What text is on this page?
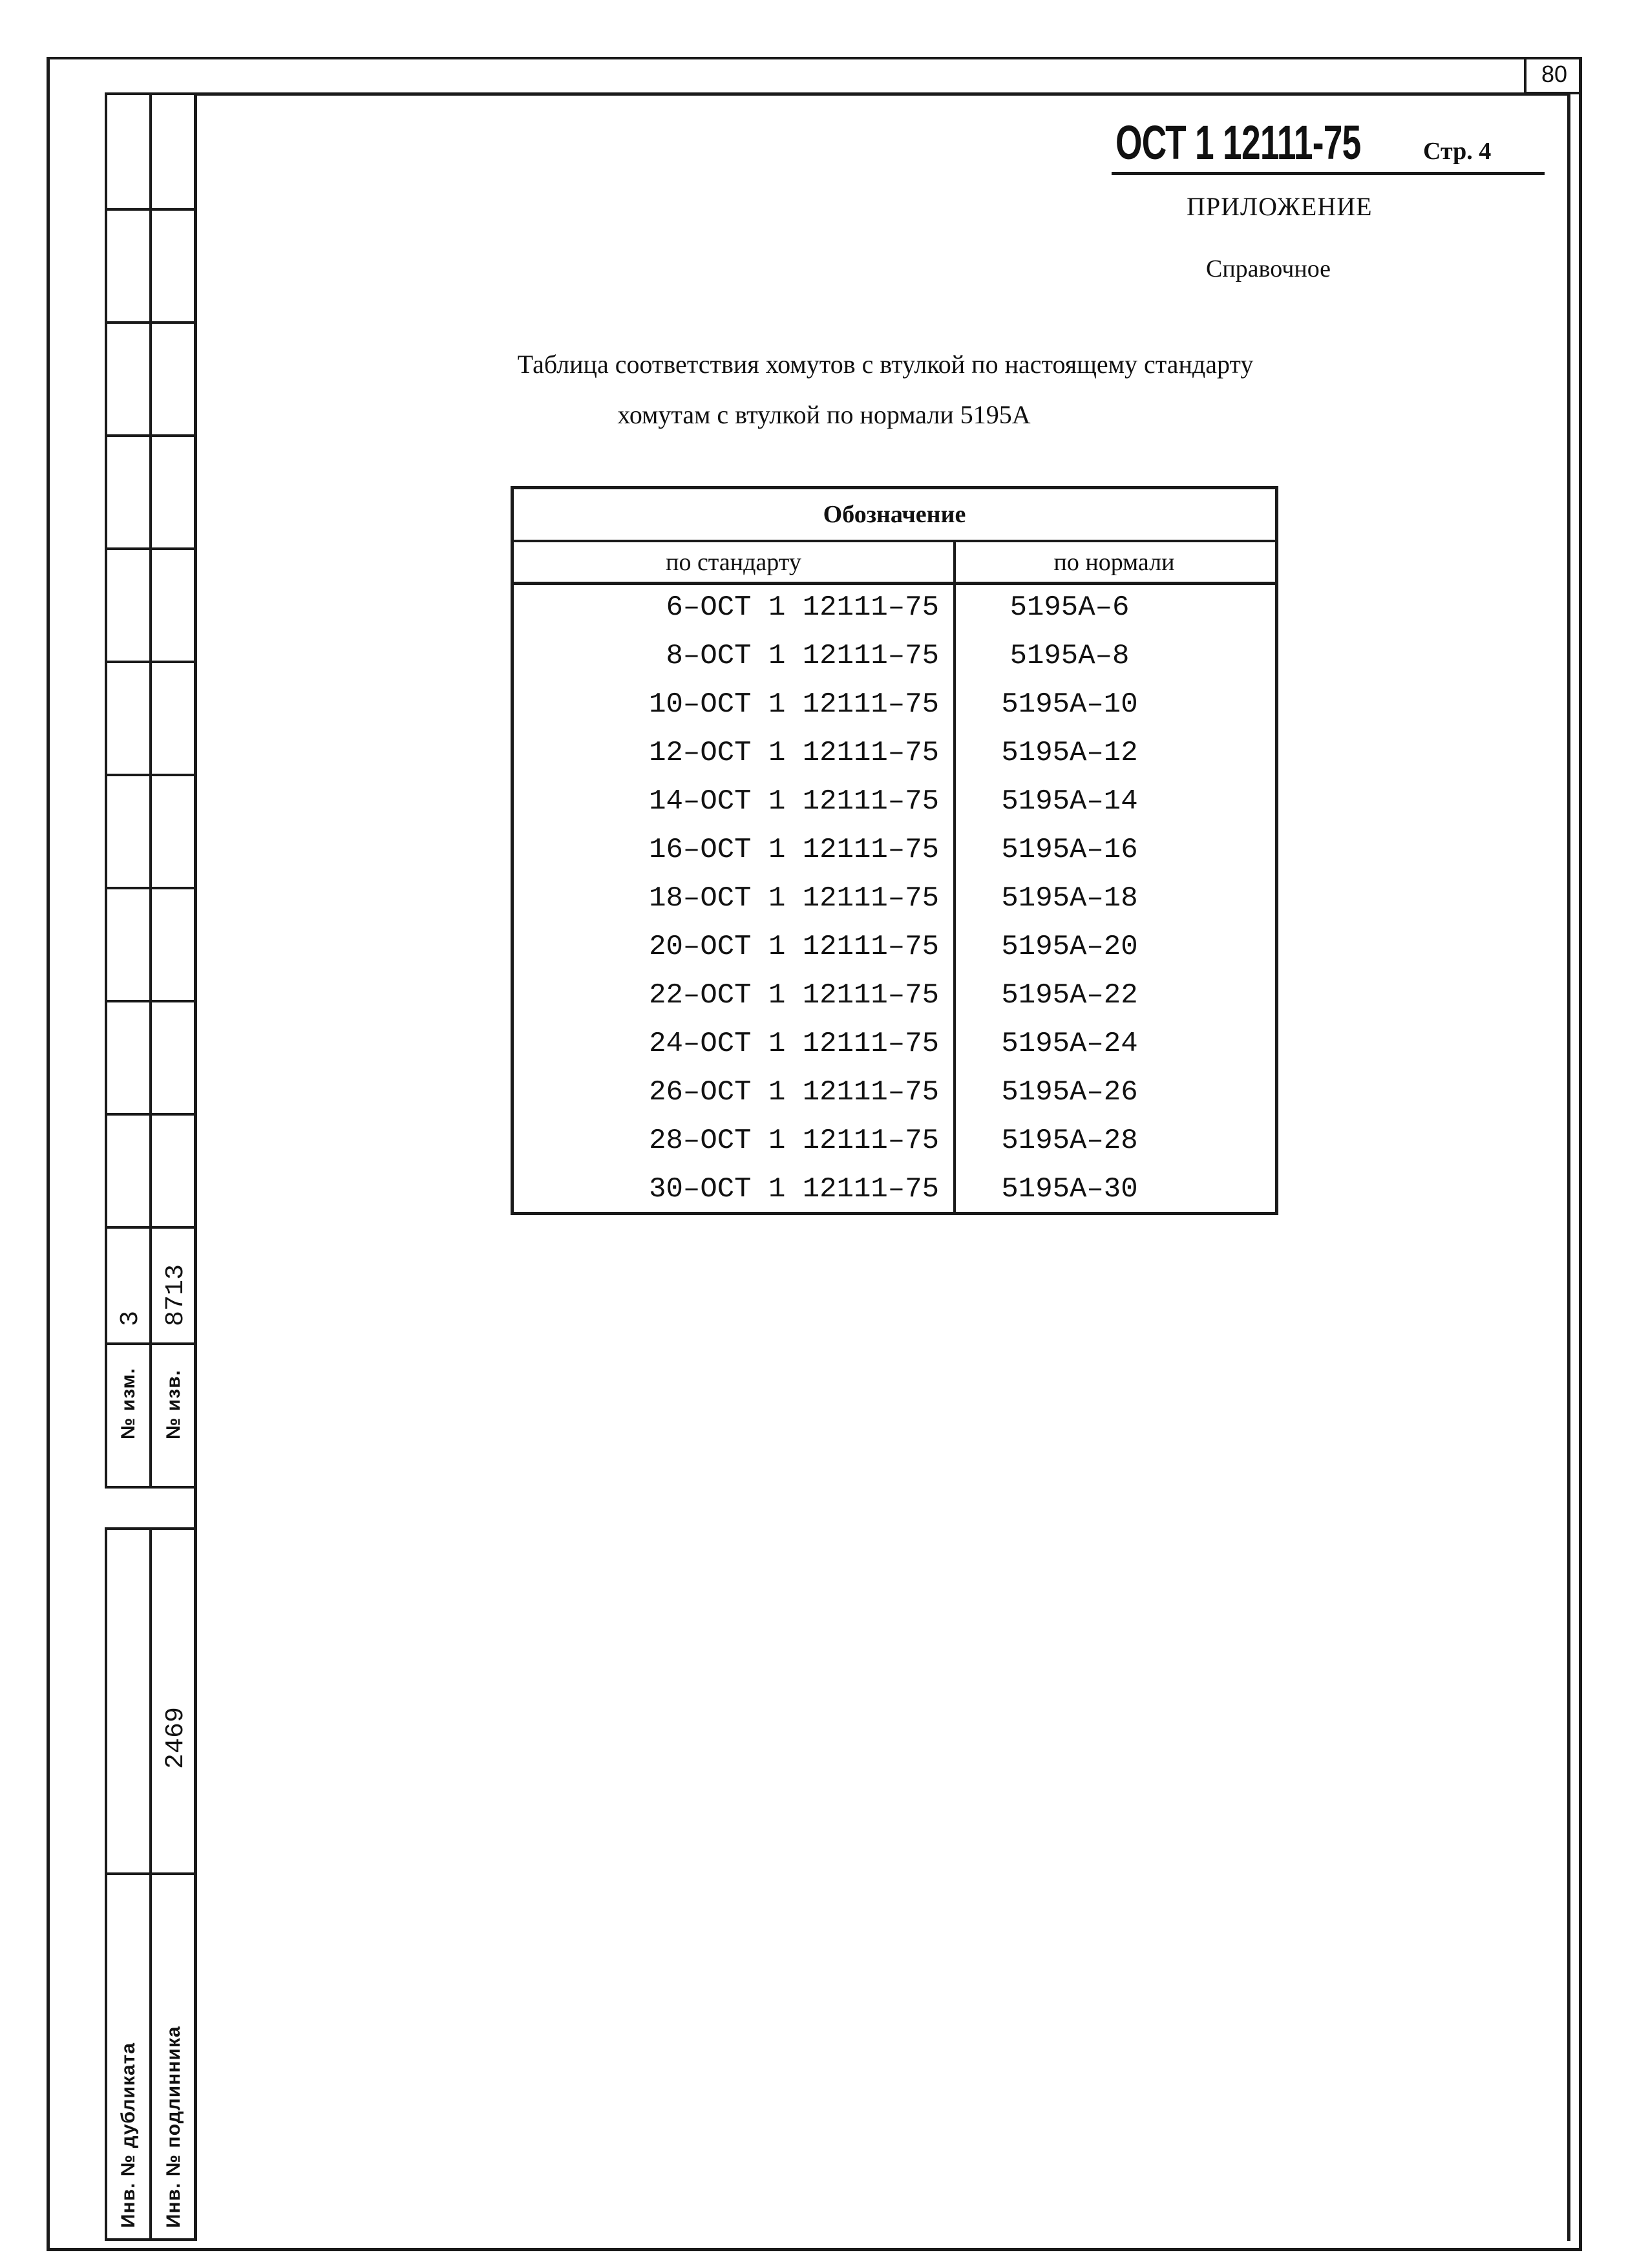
80
3 8713
№ изм. № изв.
2469
Инв. № дубликата Инв. № подлинника
ОСТ 1 12111-75	Стр. 4
ПРИЛОЖЕНИЕ
Справочное
Таблица соответствия хомутов с втулкой по настоящему стандарту
хомутам с втулкой по нормали 5195А
Обозначение
по стандарту	по нормали
6–ОСТ 1 12111–75 5195А–6
8–ОСТ 1 12111–75 5195А–8
10–ОСТ 1 12111–75 5195А–10
12–ОСТ 1 12111–75 5195А–12
14–ОСТ 1 12111–75 5195А–14
16–ОСТ 1 12111–75 5195А–16
18–ОСТ 1 12111–75 5195А–18
20–ОСТ 1 12111–75 5195А–20
22–ОСТ 1 12111–75 5195А–22
24–ОСТ 1 12111–75 5195А–24
26–ОСТ 1 12111–75 5195А–26
28–ОСТ 1 12111–75 5195А–28
30–ОСТ 1 12111–75 5195А–30
